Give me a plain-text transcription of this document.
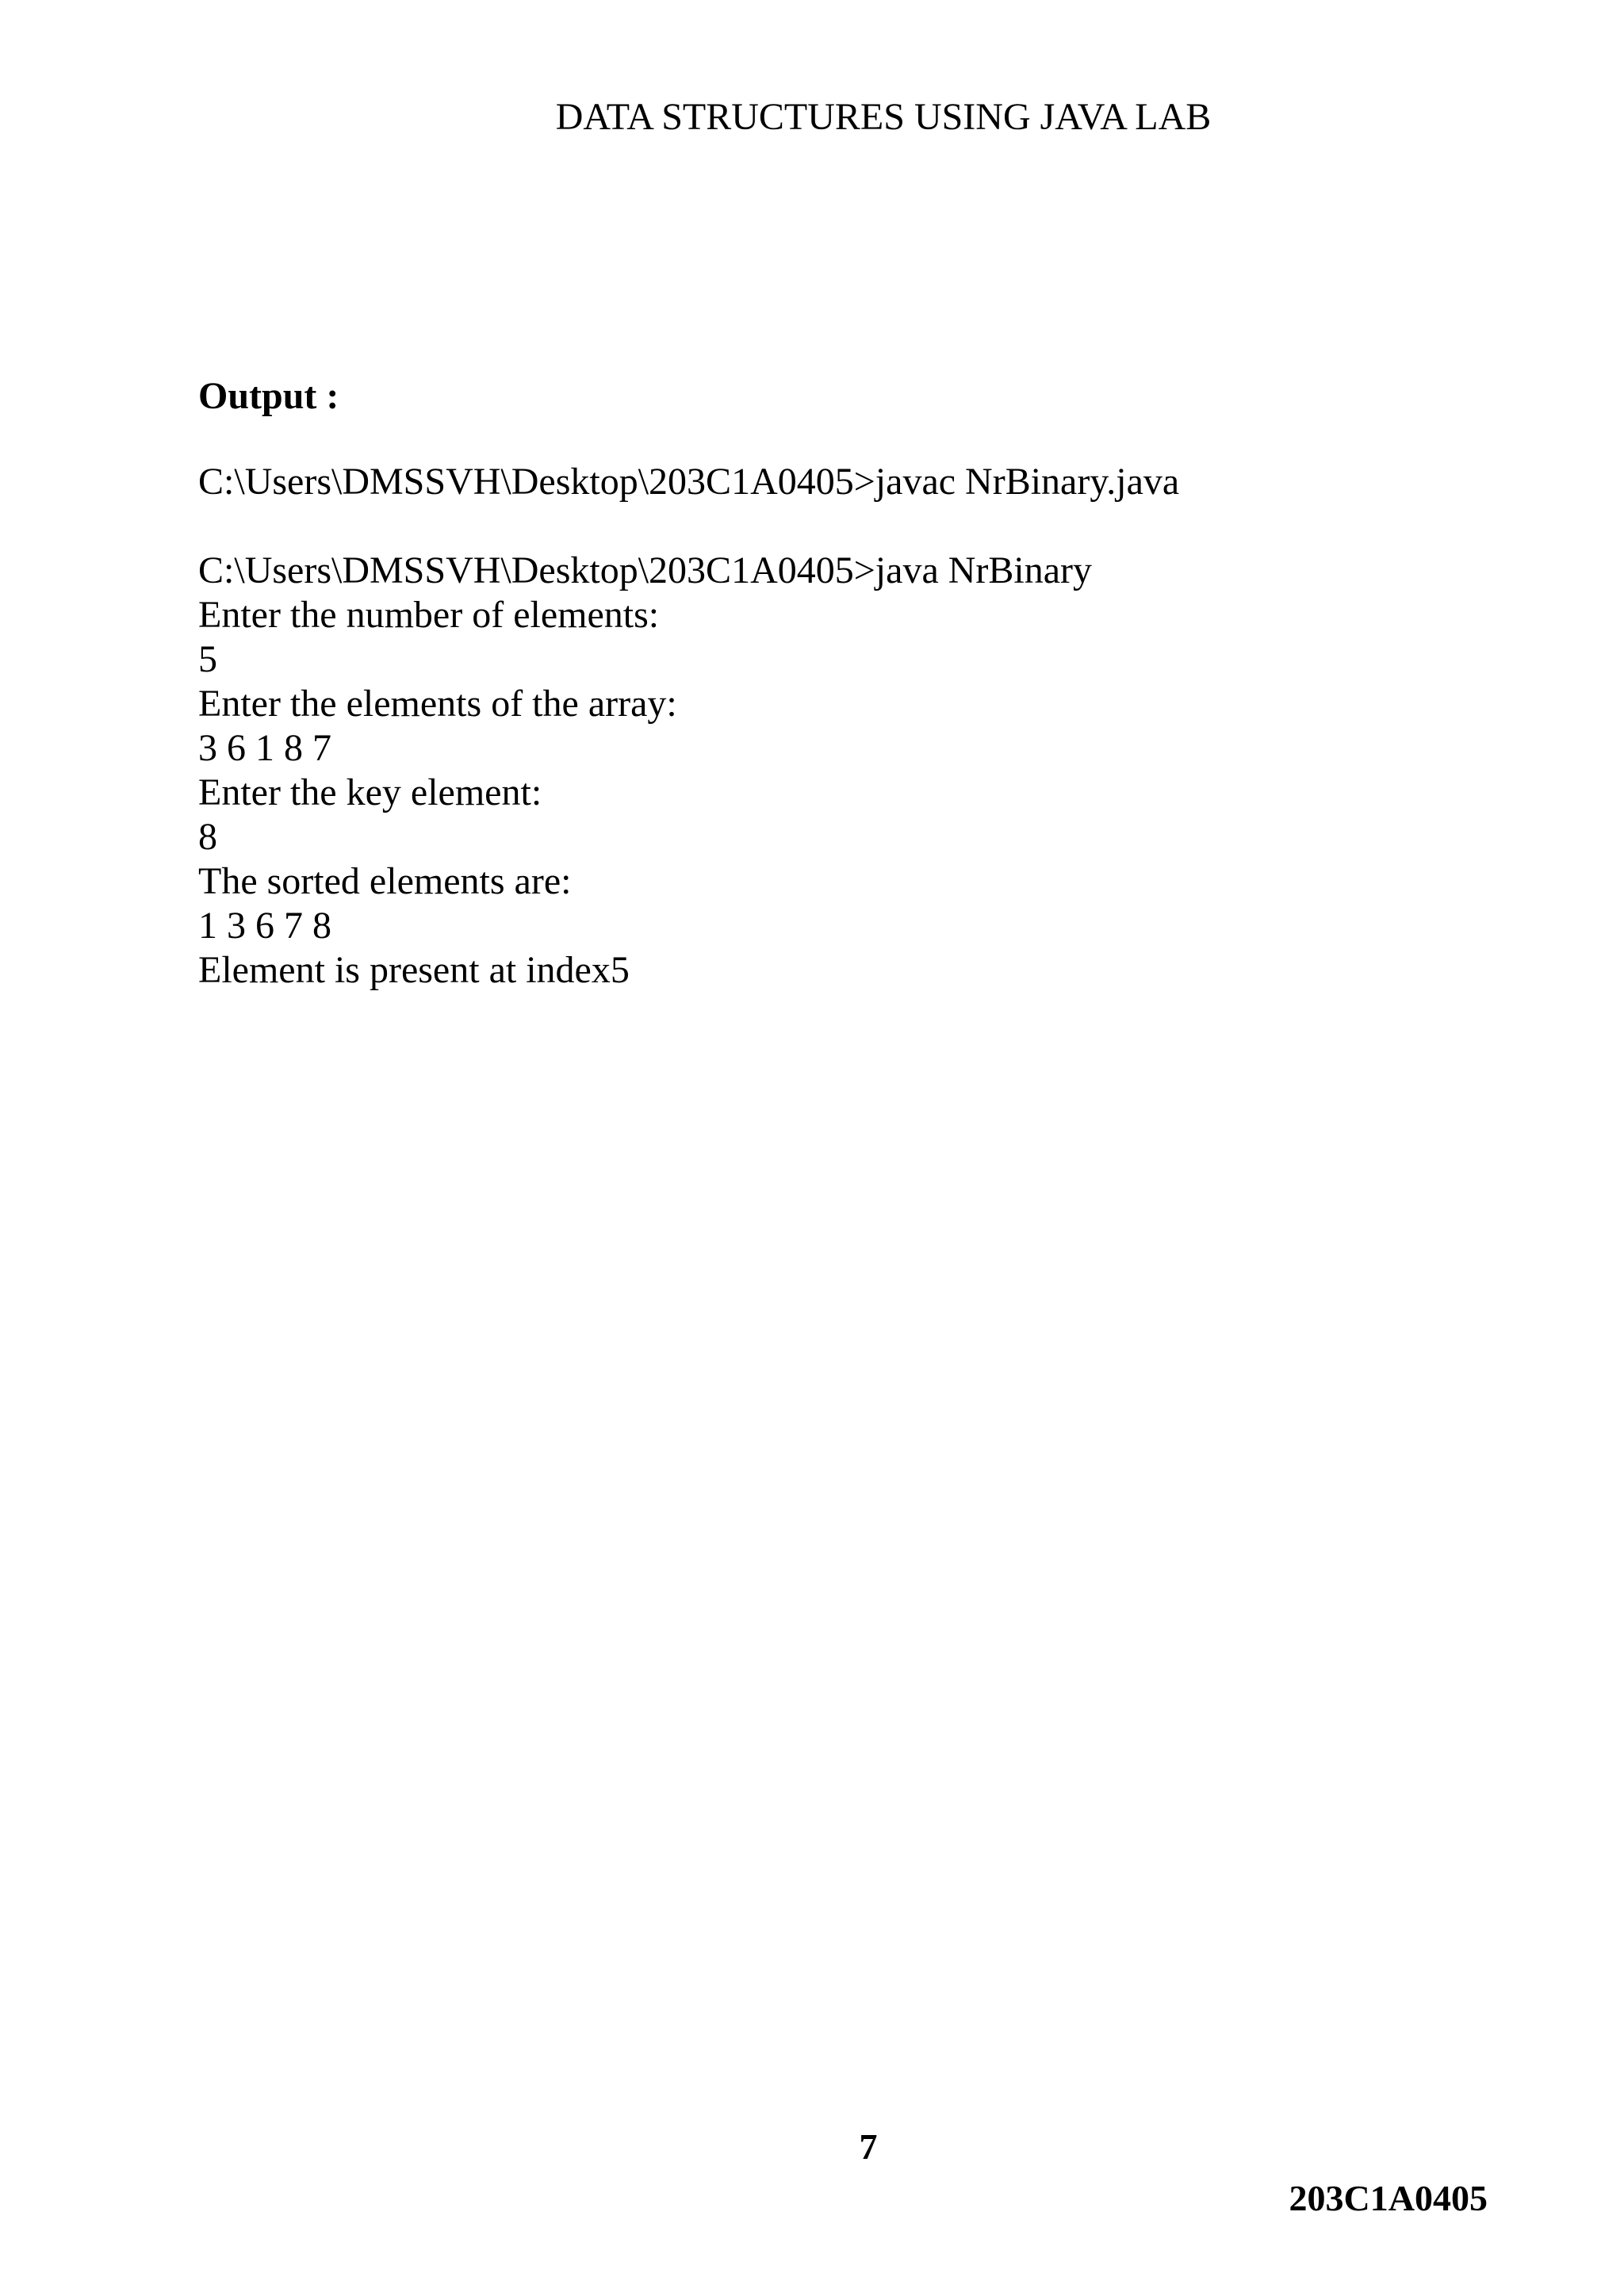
DATA STRUCTURES USING JAVA LAB
Output :
C:\Users\DMSSVH\Desktop\203C1A0405>javac NrBinary.java
C:\Users\DMSSVH\Desktop\203C1A0405>java NrBinary
Enter the number of elements:
5
Enter the elements of the array:
3 6 1 8 7
Enter the key element:
8
The sorted elements are:
1 3 6 7 8
Element is present at index5
7
203C1A0405
